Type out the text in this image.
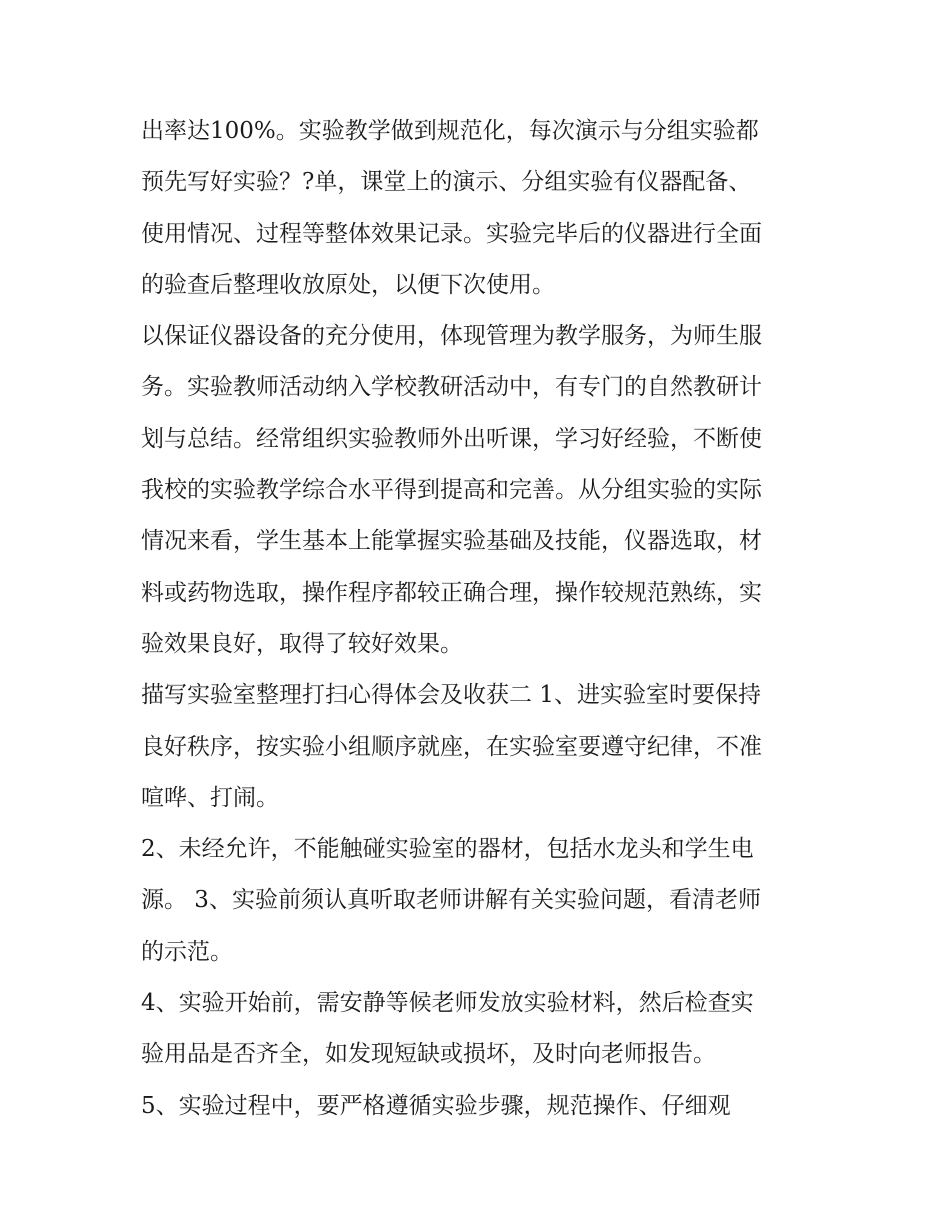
出率达100%。实验教学做到规范化，每次演示与分组实验都
预先写好实验？?单，课堂上的演示、分组实验有仪器配备、
使用情况、过程等整体效果记录。实验完毕后的仪器进行全面
的验查后整理收放原处，以便下次使用。
以保证仪器设备的充分使用，体现管理为教学服务，为师生服
务。实验教师活动纳入学校教研活动中，有专门的自然教研计
划与总结。经常组织实验教师外出听课，学习好经验，不断使
我校的实验教学综合水平得到提高和完善。从分组实验的实际
情况来看，学生基本上能掌握实验基础及技能，仪器选取，材
料或药物选取，操作程序都较正确合理，操作较规范熟练，实
验效果良好，取得了较好效果。
描写实验室整理打扫心得体会及收获二 1、进实验室时要保持
良好秩序，按实验小组顺序就座，在实验室要遵守纪律，不准
喧哗、打闹。
2、未经允许，不能触碰实验室的器材，包括水龙头和学生电
源。 3、实验前须认真听取老师讲解有关实验问题，看清老师
的示范。
4、实验开始前，需安静等候老师发放实验材料，然后检查实
验用品是否齐全，如发现短缺或损坏，及时向老师报告。
5、实验过程中，要严格遵循实验步骤，规范操作、仔细观
